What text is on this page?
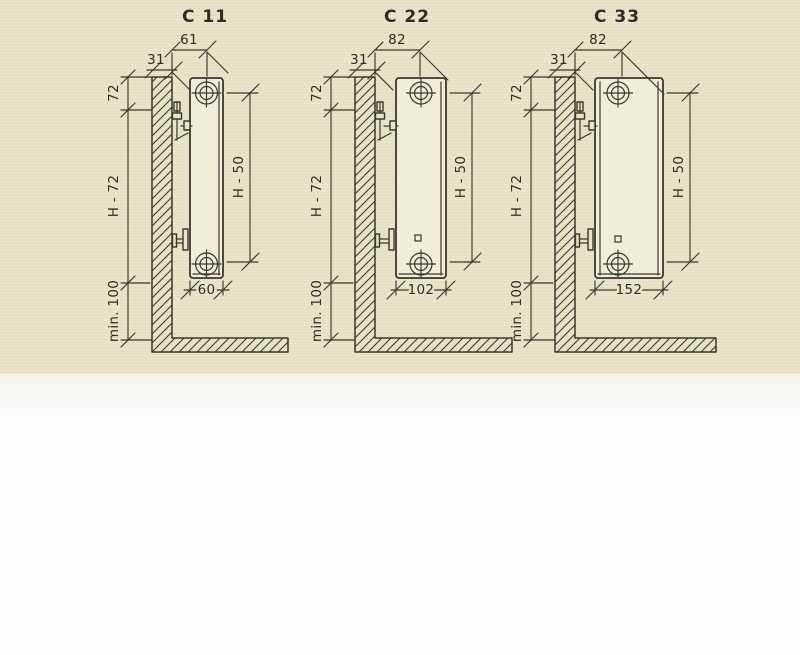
C 11
61
31
72
H - 72
min. 100
H - 50
60
C 22
82
31
72
H - 72
min. 100
H - 50
102
C 33
82
31
72
H - 72
min. 100
H - 50
152
